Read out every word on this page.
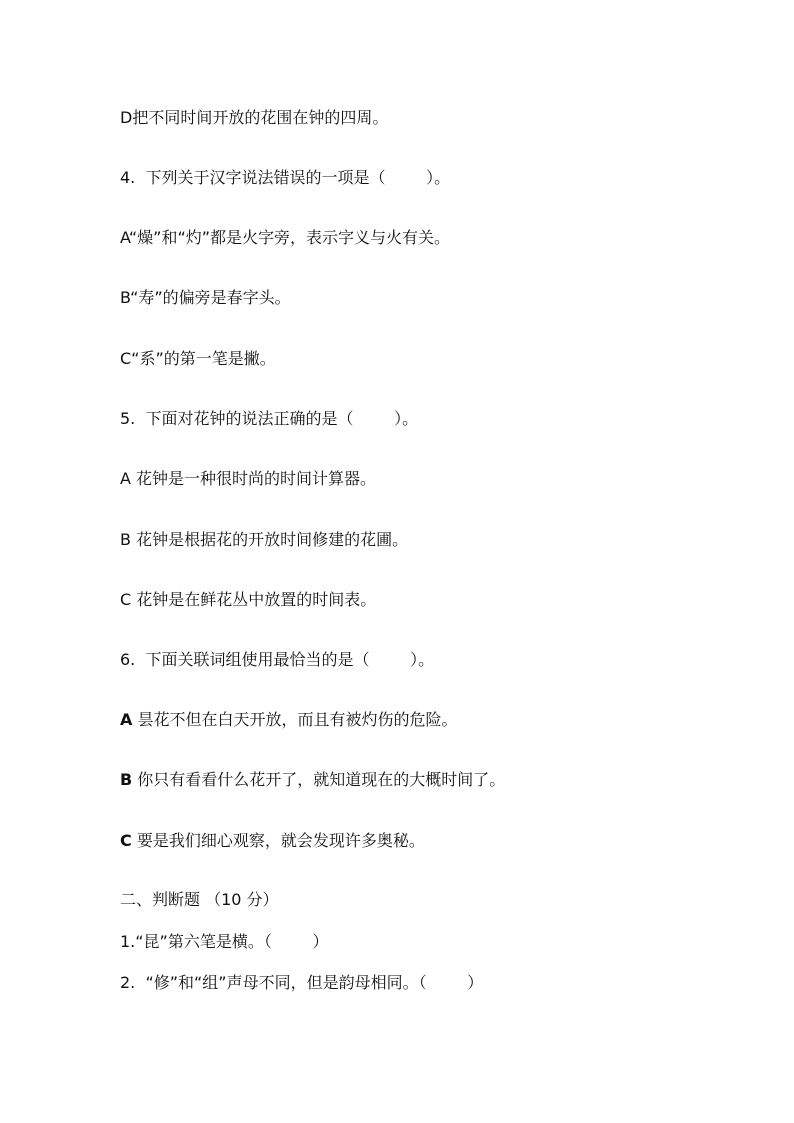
D把不同时间开放的花围在钟的四周。
4.  下列关于汉字说法错误的一项是（        ）。
A“燥”和“灼”都是火字旁，表示字义与火有关。
B“寿”的偏旁是春字头。
C“系”的第一笔是撇。
5.  下面对花钟的说法正确的是（        ）。
A 花钟是一种很时尚的时间计算器。
B 花钟是根据花的开放时间修建的花圃。
C 花钟是在鲜花丛中放置的时间表。
6.  下面关联词组使用最恰当的是（        ）。
A 昙花不但在白天开放，而且有被灼伤的危险。
B 你只有看看什么花开了，就知道现在的大概时间了。
C 要是我们细心观察，就会发现许多奥秘。
二、判断题 （10 分）
1.“昆”第六笔是横。（        ）
2.  “修”和“组”声母不同，但是韵母相同。（        ）
